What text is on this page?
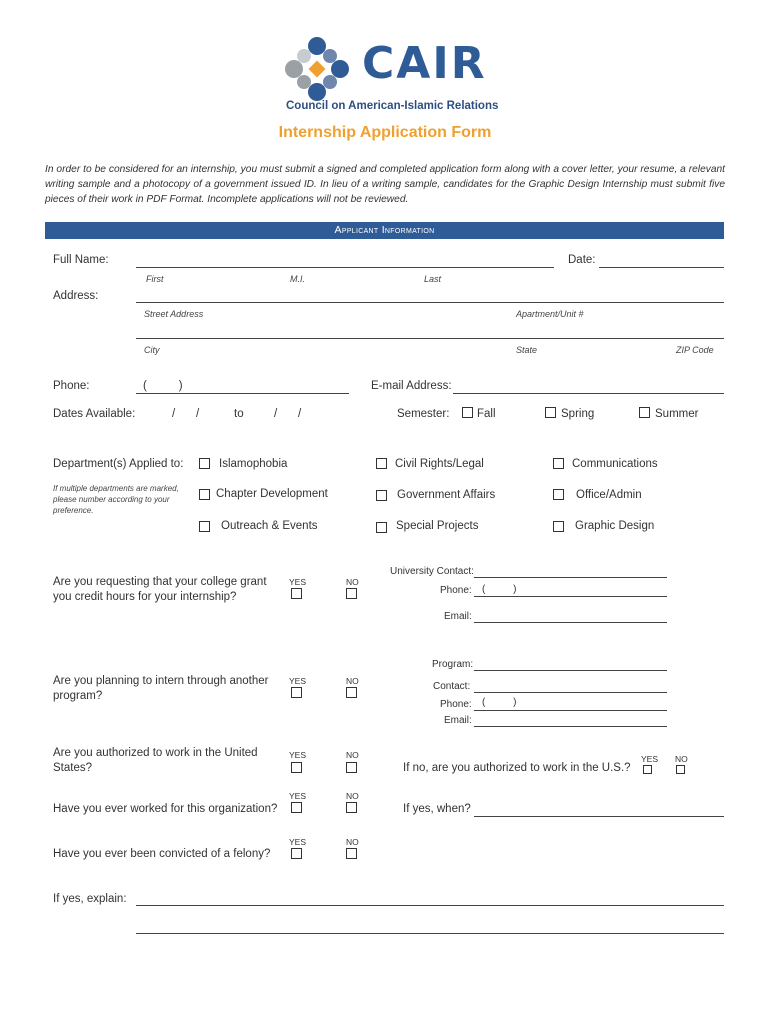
CAIR
Council on American-Islamic Relations
Internship Application Form
In order to be considered for an internship, you must submit a signed and completed application form along with a cover letter, your resume, a relevant writing sample and a photocopy of a government issued ID. In lieu of a writing sample, candidates for the Graphic Design Internship must submit five pieces of their work in PDF Format. Incomplete applications will not be reviewed.
Applicant Information
Full Name:	Date:
First	M.I.	Last
Address:
Street Address	Apartment/Unit #
City	State	ZIP Code
Phone:	(          )	E-mail Address:
Dates Available:	/ /	to	/ /	Semester: Fall	Spring	Summer
Department(s) Applied to:
If multiple departments are marked, please number according to your preference.
Islamophobia	Civil Rights/Legal	Communications
Chapter Development	Government Affairs	Office/Admin
Outreach & Events	Special Projects	Graphic Design
Are you requesting that your college grant you credit hours for your internship?
YES	NO
University Contact:
Phone: (          )
Email:
Are you planning to intern through another program?
YES	NO
Program:
Contact:
Phone: (          )
Email:
Are you authorized to work in the United States?
YES	NO
If no, are you authorized to work in the U.S.?
YES NO
Have you ever worked for this organization?
YES	NO
If yes, when?
Have you ever been convicted of a felony?
YES	NO
If yes, explain:
